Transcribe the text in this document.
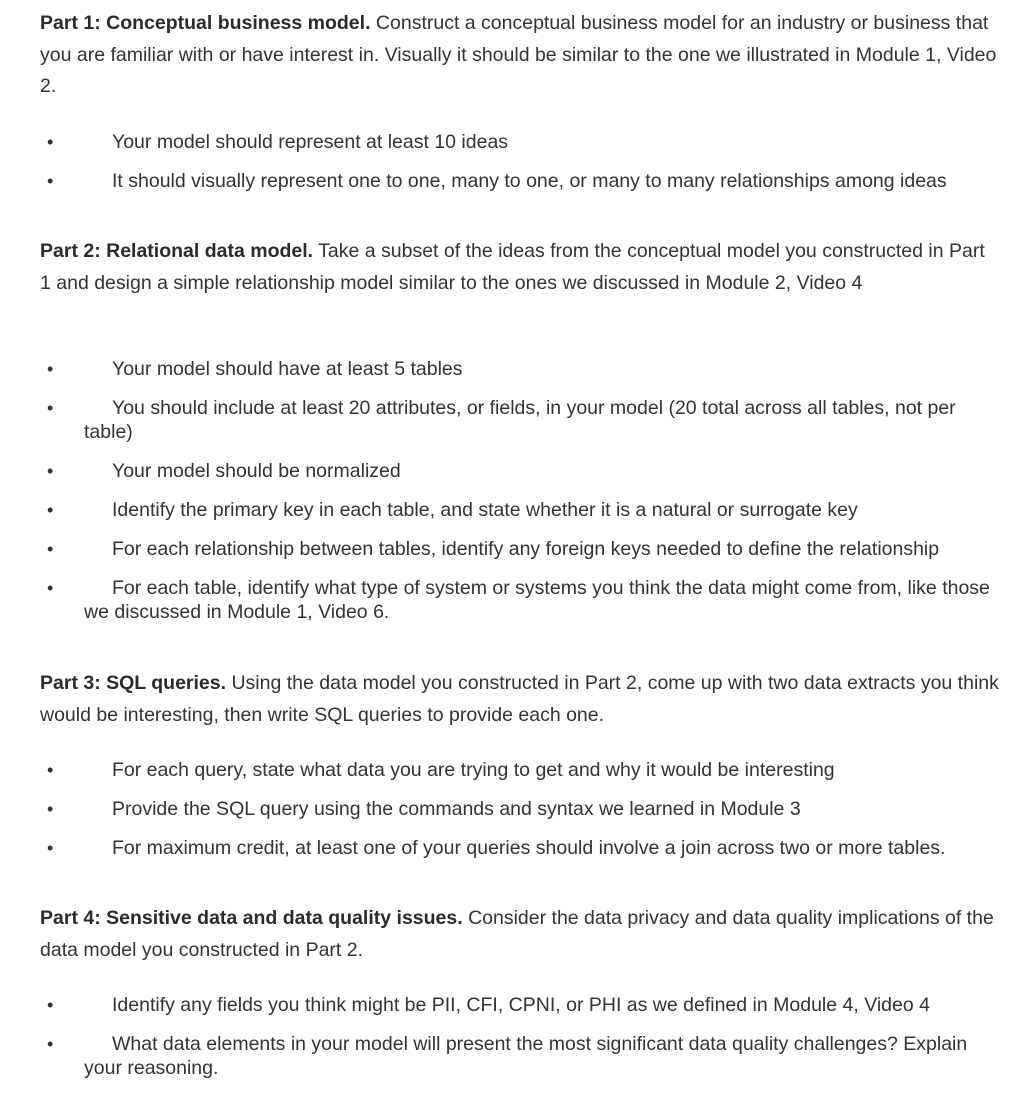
Part 1: Conceptual business model. Construct a conceptual business model for an industry or business that you are familiar with or have interest in. Visually it should be similar to the one we illustrated in Module 1, Video 2.

•	Your model should represent at least 10 ideas
•	It should visually represent one to one, many to one, or many to many relationships among ideas

Part 2: Relational data model. Take a subset of the ideas from the conceptual model you constructed in Part 1 and design a simple relationship model similar to the ones we discussed in Module 2, Video 4

•	Your model should have at least 5 tables
•	You should include at least 20 attributes, or fields, in your model (20 total across all tables, not per table)
•	Your model should be normalized
•	Identify the primary key in each table, and state whether it is a natural or surrogate key
•	For each relationship between tables, identify any foreign keys needed to define the relationship
•	For each table, identify what type of system or systems you think the data might come from, like those we discussed in Module 1, Video 6.

Part 3: SQL queries. Using the data model you constructed in Part 2, come up with two data extracts you think would be interesting, then write SQL queries to provide each one.

•	For each query, state what data you are trying to get and why it would be interesting
•	Provide the SQL query using the commands and syntax we learned in Module 3
•	For maximum credit, at least one of your queries should involve a join across two or more tables.

Part 4: Sensitive data and data quality issues. Consider the data privacy and data quality implications of the data model you constructed in Part 2.

•	Identify any fields you think might be PII, CFI, CPNI, or PHI as we defined in Module 4, Video 4
•	What data elements in your model will present the most significant data quality challenges? Explain your reasoning.
